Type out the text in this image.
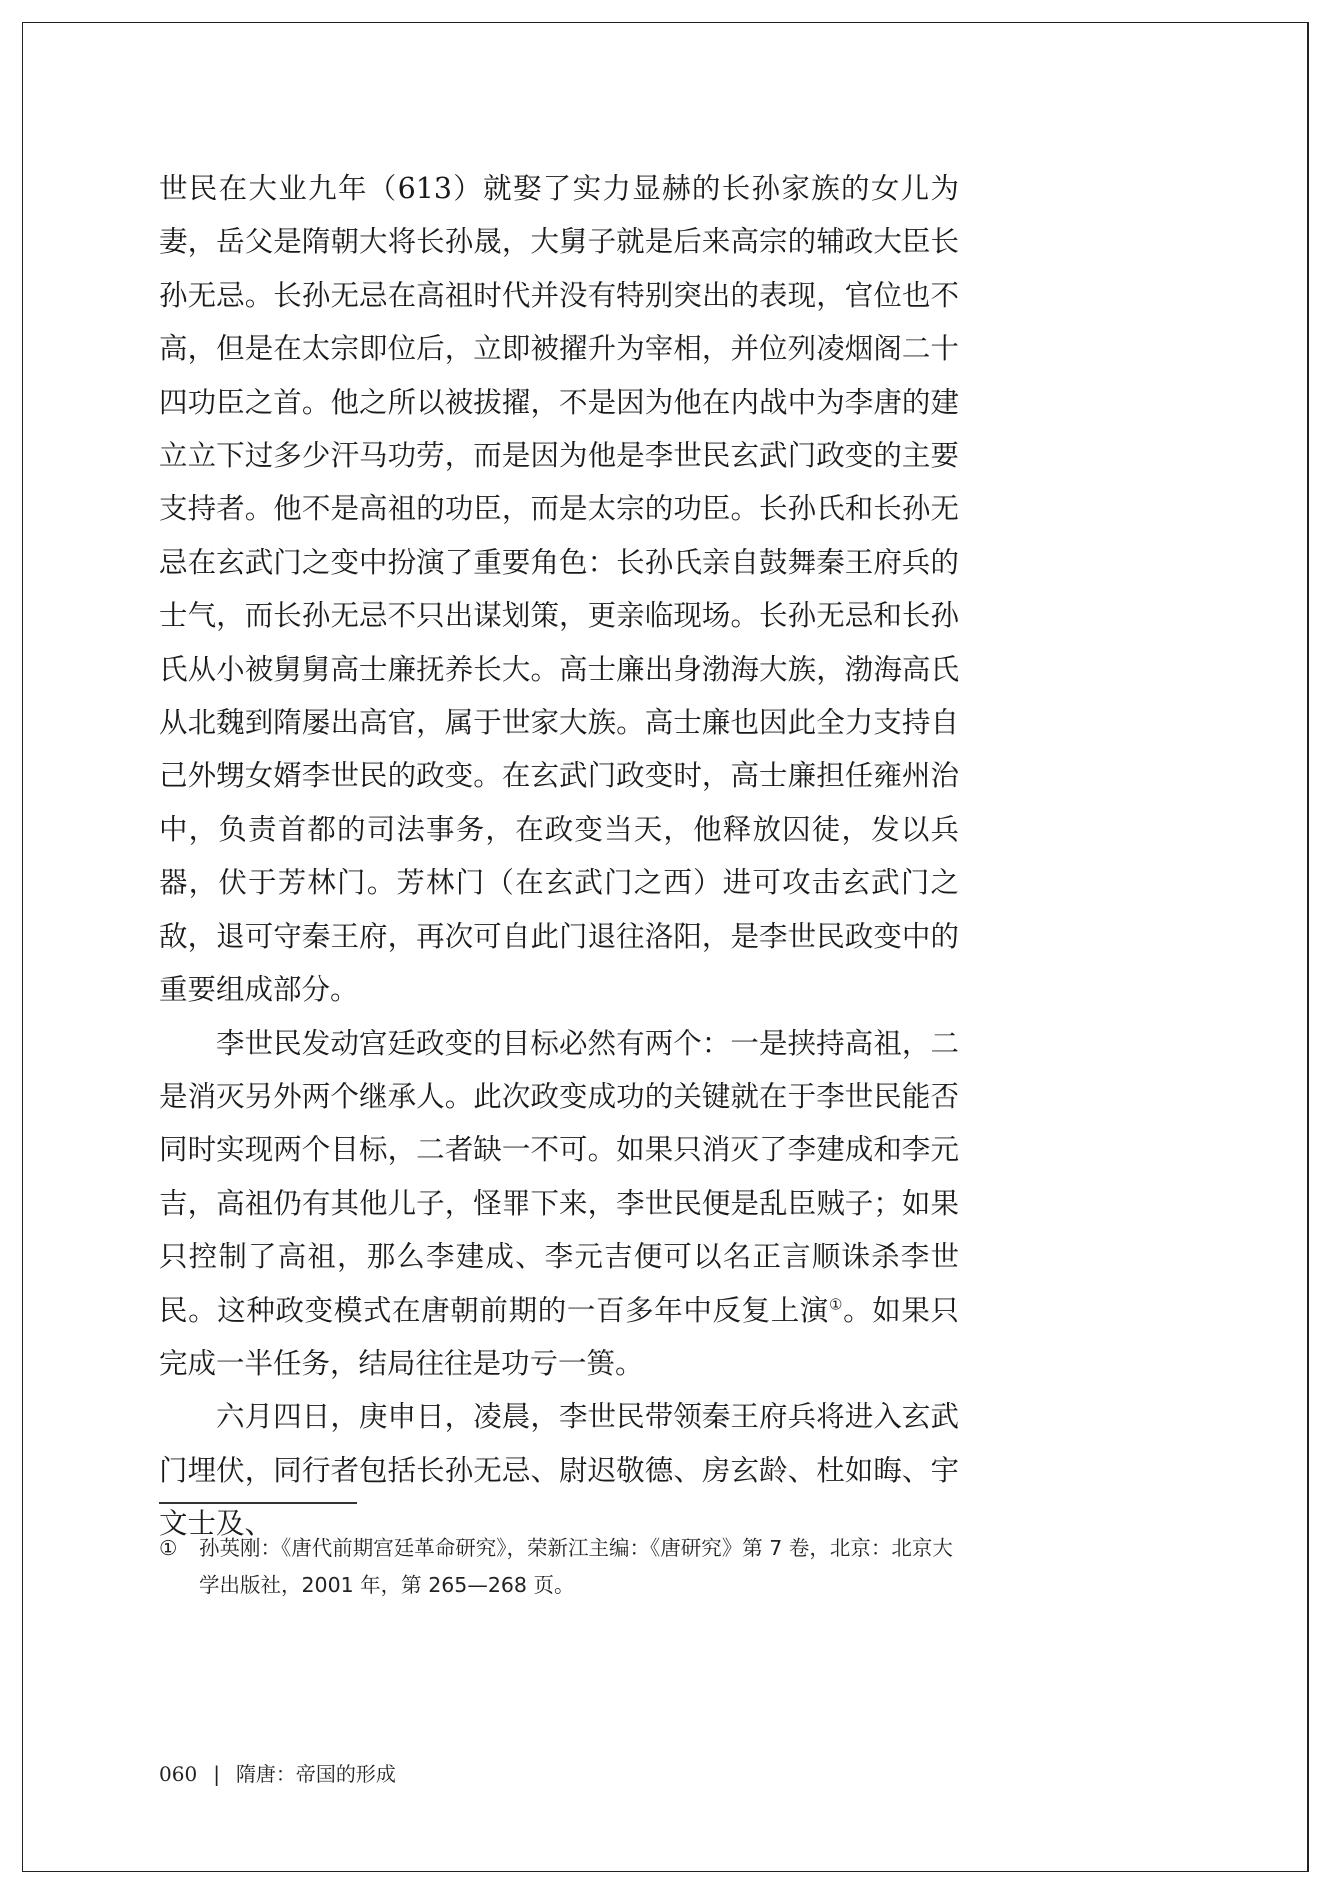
世民在大业九年（613）就娶了实力显赫的长孙家族的女儿为妻，岳父是隋朝大将长孙晟，大舅子就是后来高宗的辅政大臣长孙无忌。长孙无忌在高祖时代并没有特别突出的表现，官位也不高，但是在太宗即位后，立即被擢升为宰相，并位列凌烟阁二十四功臣之首。他之所以被拔擢，不是因为他在内战中为李唐的建立立下过多少汗马功劳，而是因为他是李世民玄武门政变的主要支持者。他不是高祖的功臣，而是太宗的功臣。长孙氏和长孙无忌在玄武门之变中扮演了重要角色：长孙氏亲自鼓舞秦王府兵的士气，而长孙无忌不只出谋划策，更亲临现场。长孙无忌和长孙氏从小被舅舅高士廉抚养长大。高士廉出身渤海大族，渤海高氏从北魏到隋屡出高官，属于世家大族。高士廉也因此全力支持自己外甥女婿李世民的政变。在玄武门政变时，高士廉担任雍州治中，负责首都的司法事务，在政变当天，他释放囚徒，发以兵器，伏于芳林门。芳林门（在玄武门之西）进可攻击玄武门之敌，退可守秦王府，再次可自此门退往洛阳，是李世民政变中的重要组成部分。

李世民发动宫廷政变的目标必然有两个：一是挟持高祖，二是消灭另外两个继承人。此次政变成功的关键就在于李世民能否同时实现两个目标，二者缺一不可。如果只消灭了李建成和李元吉，高祖仍有其他儿子，怪罪下来，李世民便是乱臣贼子；如果只控制了高祖，那么李建成、李元吉便可以名正言顺诛杀李世民。这种政变模式在唐朝前期的一百多年中反复上演①。如果只完成一半任务，结局往往是功亏一篑。

六月四日，庚申日，凌晨，李世民带领秦王府兵将进入玄武门埋伏，同行者包括长孙无忌、尉迟敬德、房玄龄、杜如晦、宇文士及、

① 孙英刚：《唐代前期宫廷革命研究》，荣新江主编：《唐研究》第 7 卷，北京：北京大学出版社，2001 年，第 265—268 页。
060 | 隋唐：帝国的形成
